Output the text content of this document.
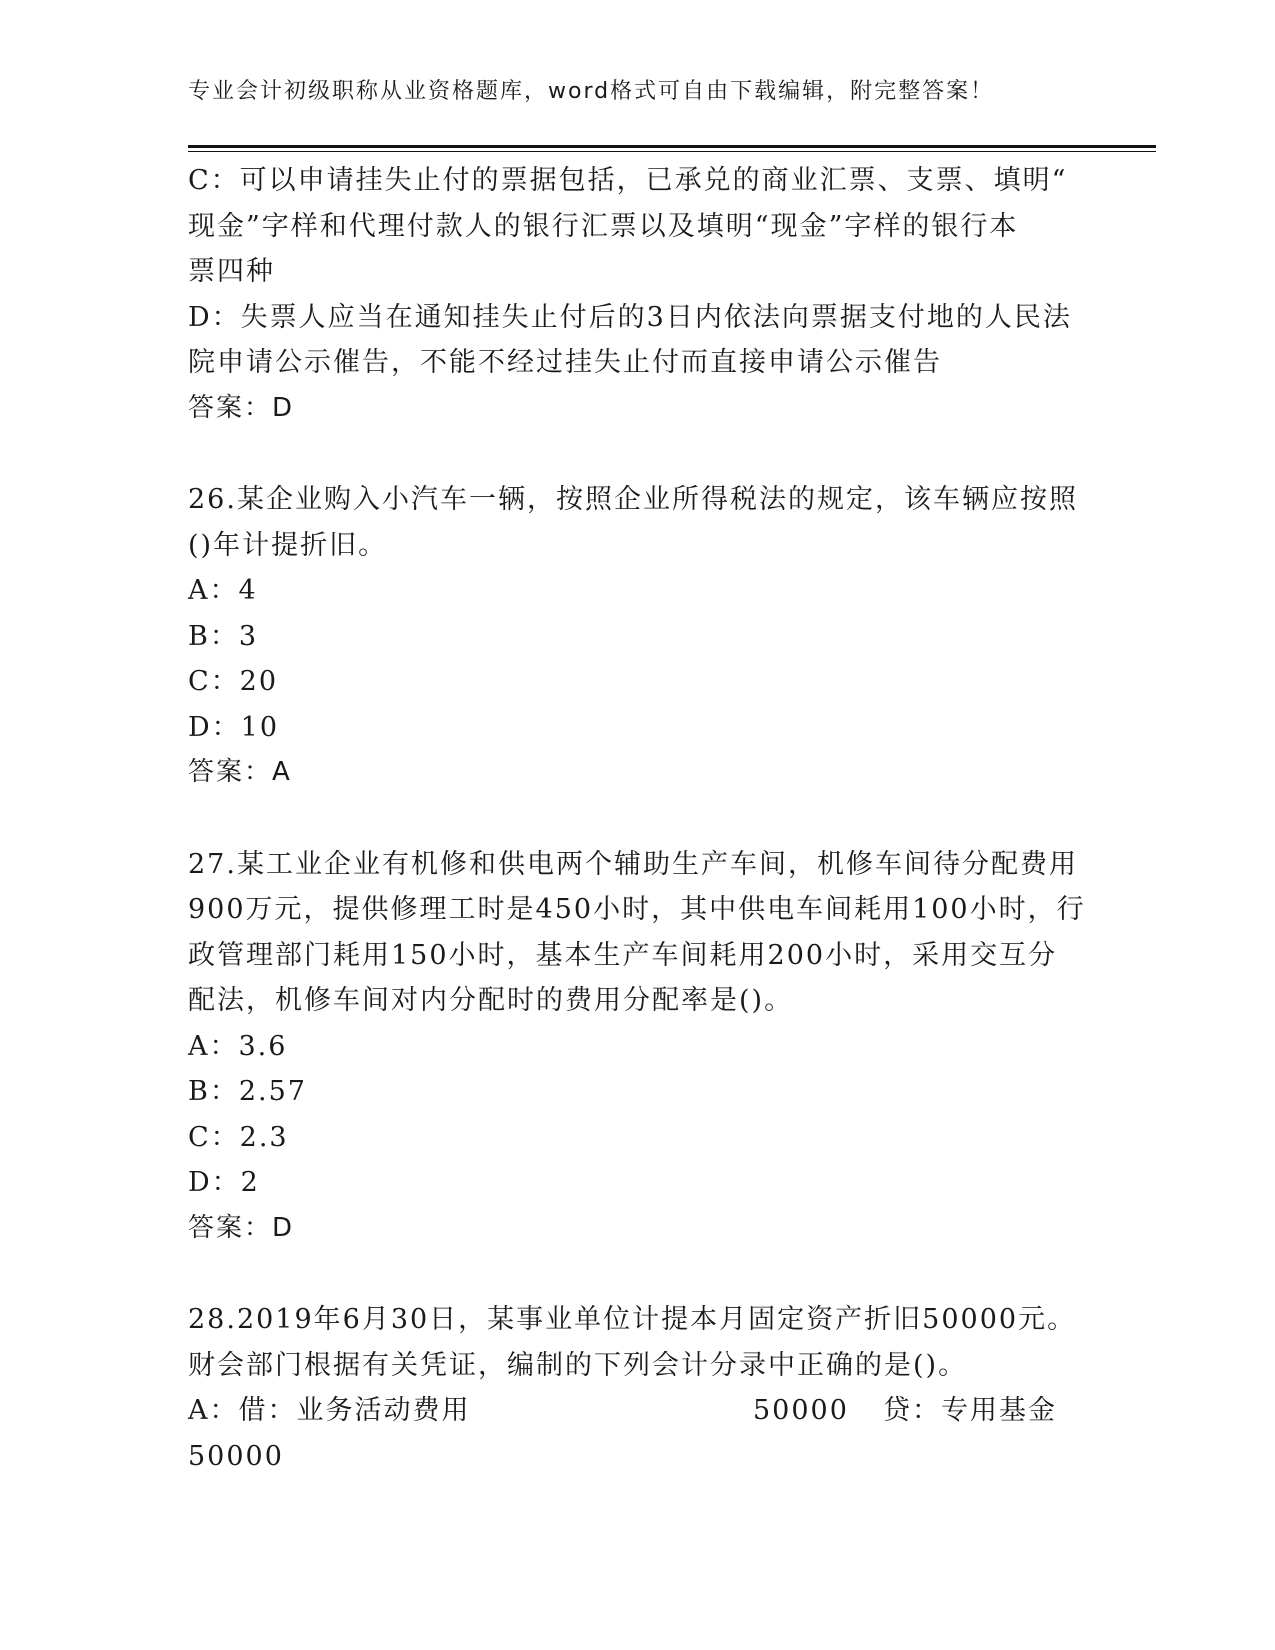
专业会计初级职称从业资格题库，word格式可自由下载编辑，附完整答案！
C：可以申请挂失止付的票据包括，已承兑的商业汇票、支票、填明“
现金”字样和代理付款人的银行汇票以及填明“现金”字样的银行本
票四种
D：失票人应当在通知挂失止付后的3日内依法向票据支付地的人民法
院申请公示催告，不能不经过挂失止付而直接申请公示催告
答案：D
26.某企业购入小汽车一辆，按照企业所得税法的规定，该车辆应按照
()年计提折旧。
A：4
B：3
C：20
D：10
答案：A
27.某工业企业有机修和供电两个辅助生产车间，机修车间待分配费用
900万元，提供修理工时是450小时，其中供电车间耗用100小时，行
政管理部门耗用150小时，基本生产车间耗用200小时，采用交互分
配法，机修车间对内分配时的费用分配率是()。
A：3.6
B：2.57
C：2.3
D：2
答案：D
28.2019年6月30日，某事业单位计提本月固定资产折旧50000元。
财会部门根据有关凭证，编制的下列会计分录中正确的是()。
A：借：业务活动费用	50000	贷：专用基金
50000
